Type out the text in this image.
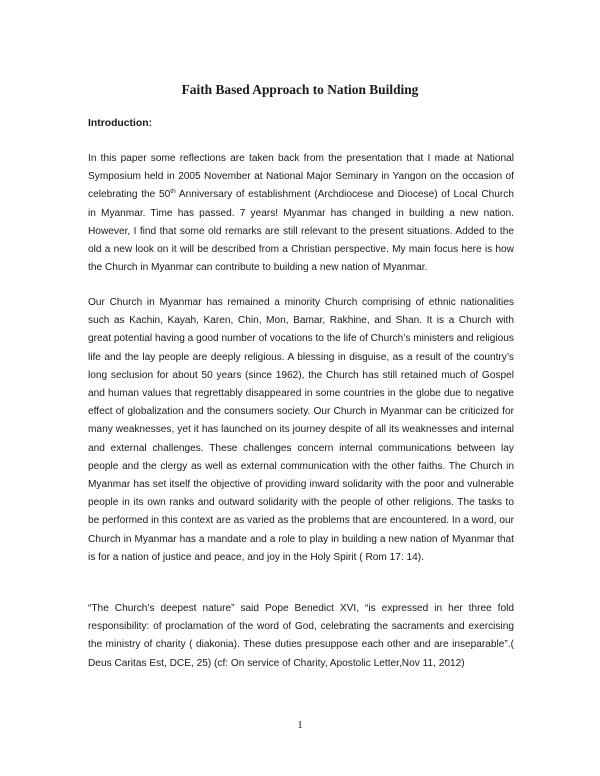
Faith Based Approach to Nation Building
Introduction:

In this paper some reflections are taken back from the presentation that I made at National Symposium held in 2005 November at National Major Seminary in Yangon on the occasion of celebrating the 50th Anniversary of establishment (Archdiocese and Diocese) of Local Church in Myanmar. Time has passed. 7 years! Myanmar has changed in building a new nation. However, I find that some old remarks are still relevant to the present situations. Added to the old a new look on it will be described from a Christian perspective. My main focus here is how the Church in Myanmar can contribute to building a new nation of Myanmar.

Our Church in Myanmar has remained a minority Church comprising of ethnic nationalities such as Kachin, Kayah, Karen, Chin, Mon, Bamar, Rakhine, and Shan. It is a Church with great potential having a good number of vocations to the life of Church’s ministers and religious life and the lay people are deeply religious. A blessing in disguise, as a result of the country’s long seclusion for about 50 years (since 1962), the Church has still retained much of Gospel and human values that regrettably disappeared in some countries in the globe due to negative effect of globalization and the consumers society. Our Church in Myanmar can be criticized for many weaknesses, yet it has launched on its journey despite of all its weaknesses and internal and external challenges. These challenges concern internal communications between lay people and the clergy as well as external communication with the other faiths. The Church in Myanmar has set itself the objective of providing inward solidarity with the poor and vulnerable people in its own ranks and outward solidarity with the people of other religions. The tasks to be performed in this context are as varied as the problems that are encountered. In a word, our Church in Myanmar has a mandate and a role to play in building a new nation of Myanmar that is for a nation of justice and peace, and joy in the Holy Spirit ( Rom 17: 14).

“The Church’s deepest nature” said Pope Benedict XVI, “is expressed in her three fold responsibility: of proclamation of the word of God, celebrating the sacraments and exercising the ministry of charity ( diakonia). These duties presuppose each other and are inseparable”.( Deus Caritas Est, DCE, 25) (cf: On service of Charity, Apostolic Letter,Nov 11, 2012)

1
